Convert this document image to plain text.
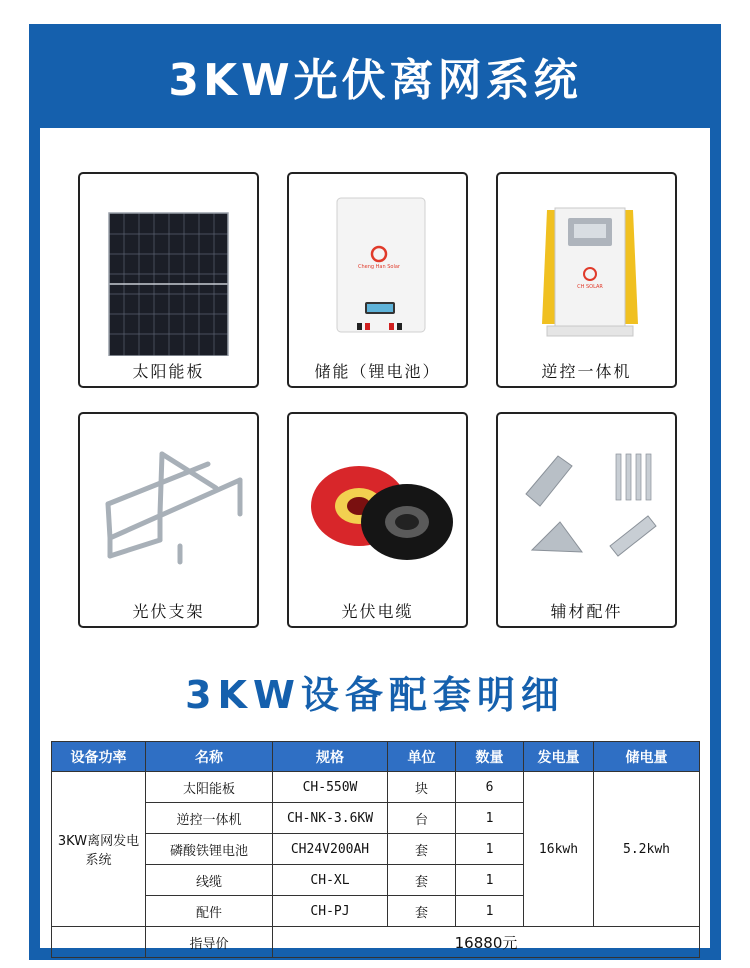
3KW光伏离网系统
太阳能板
Cheng Han Solar
储能（锂电池）
CH SOLAR
逆控一体机
光伏支架	光伏电缆	辅材配件
3KW设备配套明细
设备功率	名称	规格	单位	数量	发电量	储电量
3KW离网发电系统	太阳能板	CH-550W	块	6	16kwh	5.2kwh
	逆控一体机	CH-NK-3.6KW	台	1		
	磷酸铁锂电池	CH24V200AH	套	1		
	线缆	CH-XL	套	1		
	配件	CH-PJ	套	1		
	指导价	16880元				
